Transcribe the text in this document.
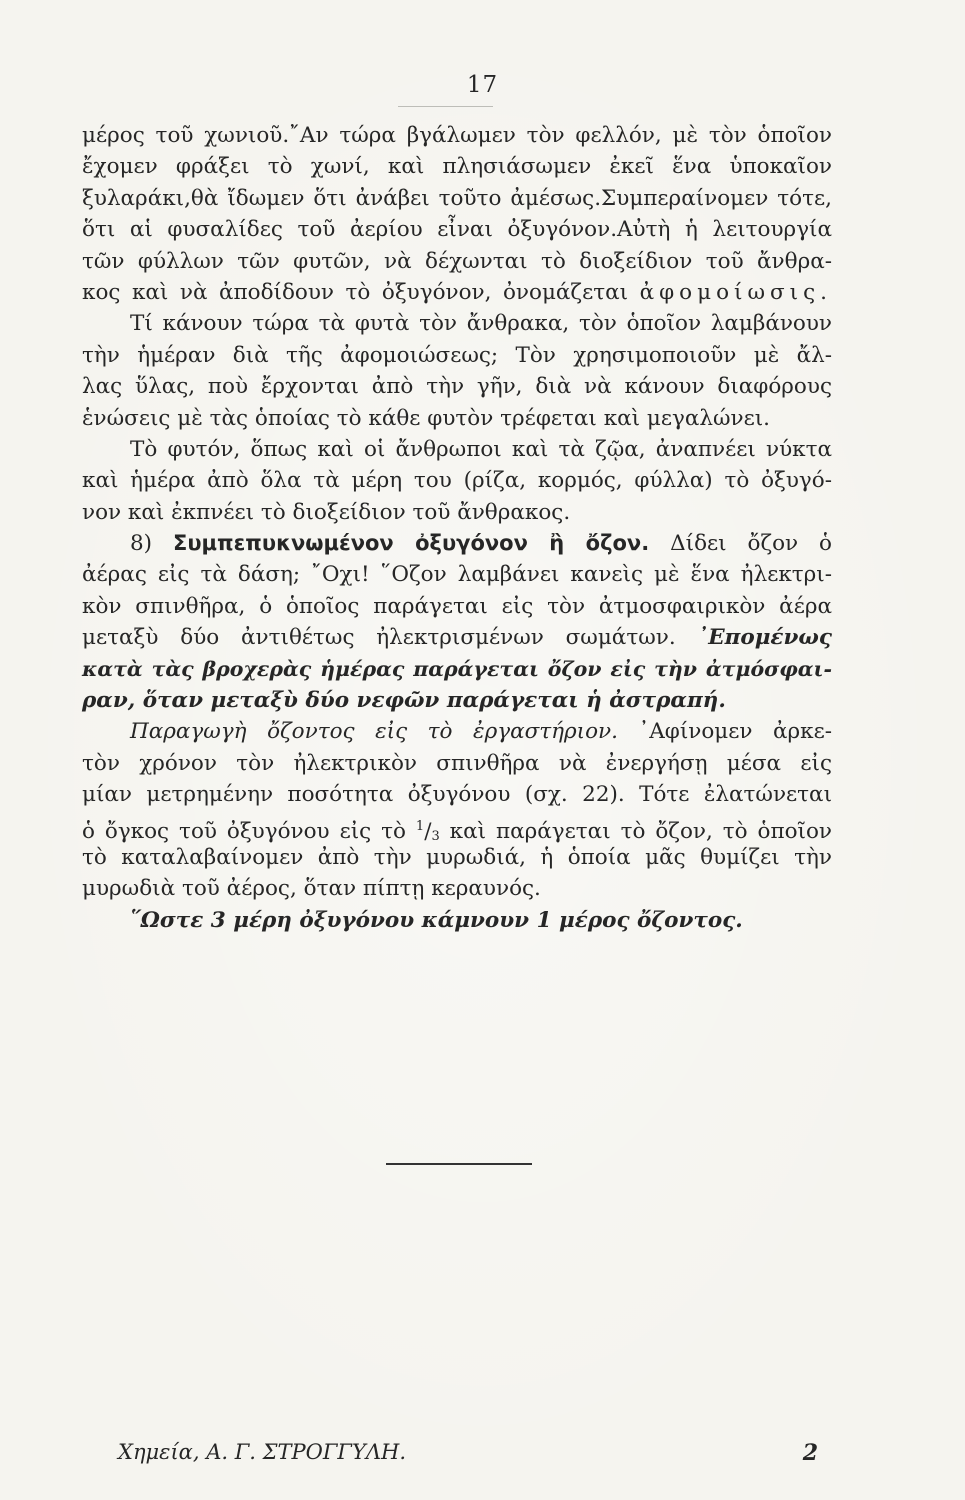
17
μέρος τοῦ χωνιοῦ.῎Αν τώρα βγάλωμεν τὸν φελλόν, μὲ τὸν ὁποῖον
ἔχομεν φράξει τὸ χωνί, καὶ πλησιάσωμεν ἐκεῖ ἕνα ὑποκαῖον
ξυλαράκι,θὰ ἴδωμεν ὅτι ἀνάβει τοῦτο ἀμέσως.Συμπεραίνομεν τότε,
ὅτι αἱ φυσαλίδες τοῦ ἀερίου εἶναι ὀξυγόνον.Αὐτὴ ἡ λειτουργία
τῶν φύλλων τῶν φυτῶν, νὰ δέχωνται τὸ διοξείδιον τοῦ ἄνθρα-
κος καὶ νὰ ἀποδίδουν τὸ ὀξυγόνον, ὀνομάζεται ἀφομοίωσις.
Τί κάνουν τώρα τὰ φυτὰ τὸν ἄνθρακα, τὸν ὁποῖον λαμβάνουν
τὴν ἡμέραν διὰ τῆς ἀφομοιώσεως; Τὸν χρησιμοποιοῦν μὲ ἄλ-
λας ὕλας, ποὺ ἔρχονται ἀπὸ τὴν γῆν, διὰ νὰ κάνουν διαφόρους
ἑνώσεις μὲ τὰς ὁποίας τὸ κάθε φυτὸν τρέφεται καὶ μεγαλώνει.
Τὸ φυτόν, ὅπως καὶ οἱ ἄνθρωποι καὶ τὰ ζῷα, ἀναπνέει νύκτα
καὶ ἡμέρα ἀπὸ ὅλα τὰ μέρη του (ρίζα, κορμός, φύλλα) τὸ ὀξυγό-
νον καὶ ἐκπνέει τὸ διοξείδιον τοῦ ἄνθρακος.
8) Συμπεπυκνωμένον ὀξυγόνον ἢ ὄζον. Δίδει ὄζον ὁ
ἀέρας εἰς τὰ δάση; ῎Οχι! ῞Οζον λαμβάνει κανεὶς μὲ ἕνα ἠλεκτρι-
κὸν σπινθῆρα, ὁ ὁποῖος παράγεται εἰς τὸν ἀτμοσφαιρικὸν ἀέρα
μεταξὺ δύο ἀντιθέτως ἠλεκτρισμένων σωμάτων. ᾿Επομένως
κατὰ τὰς βροχερὰς ἡμέρας παράγεται ὄζον εἰς τὴν ἀτμόσφαι-
ραν, ὅταν μεταξὺ δύο νεφῶν παράγεται ἡ ἀστραπή.
Παραγωγὴ ὄζοντος εἰς τὸ ἐργαστήριον. ᾿Αφίνομεν ἀρκε-
τὸν χρόνον τὸν ἠλεκτρικὸν σπινθῆρα νὰ ἐνεργήσῃ μέσα εἰς
μίαν μετρημένην ποσότητα ὀξυγόνου (σχ. 22). Τότε ἐλατώνεται
ὁ ὄγκος τοῦ ὀξυγόνου εἰς τὸ $^1$/3 καὶ παράγεται τὸ ὄζον, τὸ ὁποῖον
τὸ καταλαβαίνομεν ἀπὸ τὴν μυρωδιά, ἡ ὁποία μᾶς θυμίζει τὴν
μυρωδιὰ τοῦ ἀέρος, ὅταν πίπτῃ κεραυνός.
῞Ωστε 3 μέρη ὀξυγόνου κάμνουν 1 μέρος ὄζοντος.
Χημεία, Α. Γ. ΣΤΡΟΓΓΥΛΗ.	2
